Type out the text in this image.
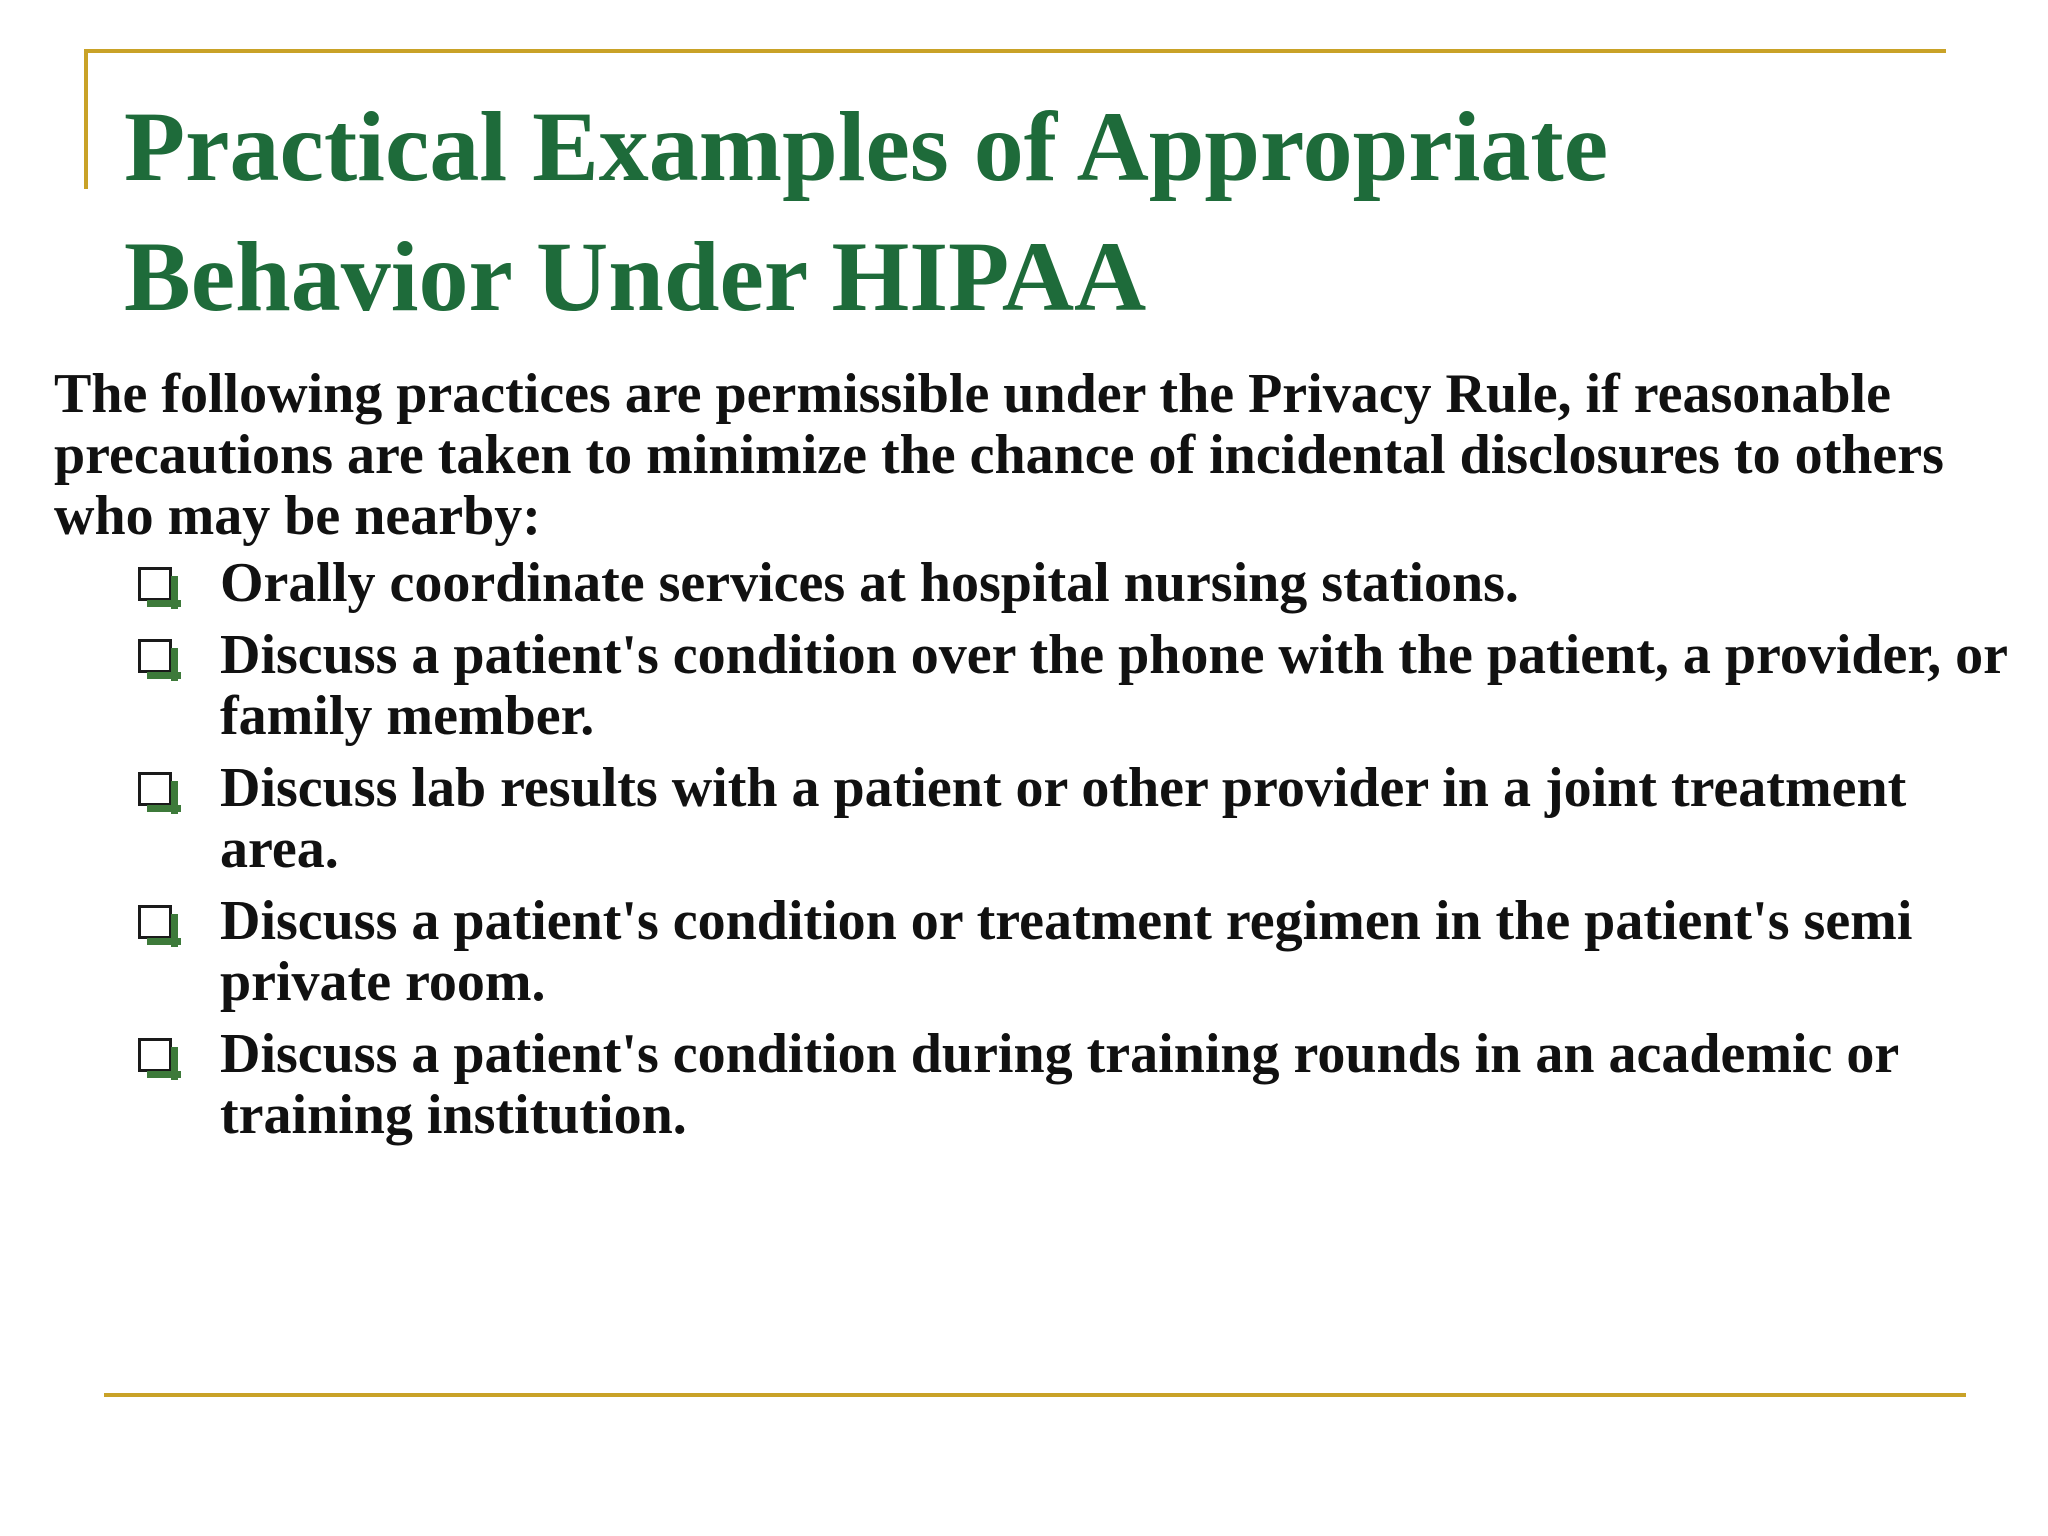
Practical Examples of Appropriate Behavior Under HIPAA

The following practices are permissible under the Privacy Rule, if reasonable precautions are taken to minimize the chance of incidental disclosures to others who may be nearby:

Orally coordinate services at hospital nursing stations.
Discuss a patient's condition over the phone with the patient, a provider, or family member.
Discuss lab results with a patient or other provider in a joint treatment area.
Discuss a patient's condition or treatment regimen in the patient's semi private room.
Discuss a patient's condition during training rounds in an academic or training institution.
